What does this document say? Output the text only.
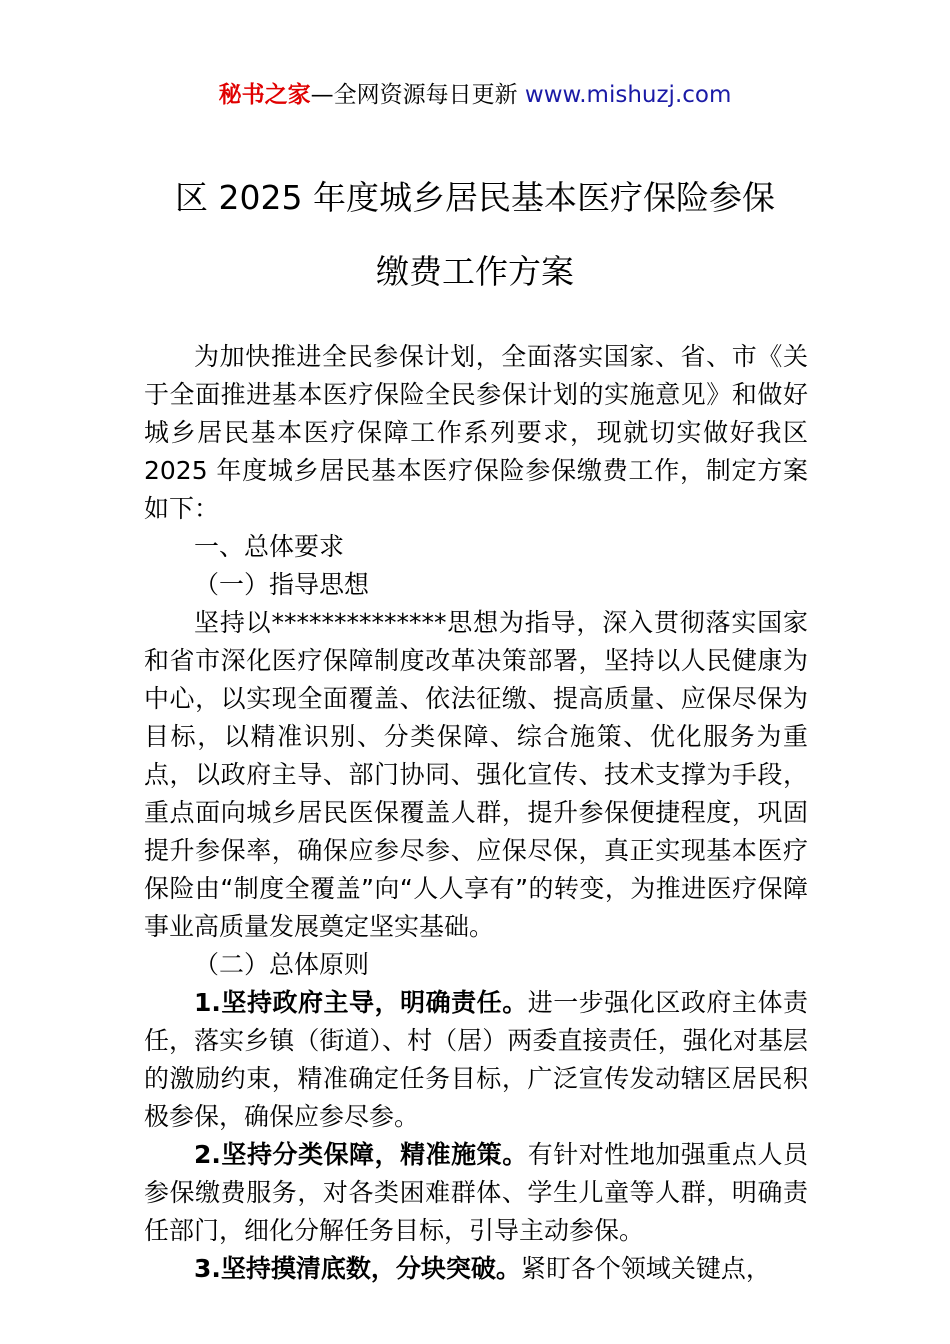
秘书之家—全网资源每日更新 www.mishuzj.com
区 2025 年度城乡居民基本医疗保险参保
缴费工作方案

为加快推进全民参保计划，全面落实国家、省、市《关于全面推进基本医疗保险全民参保计划的实施意见》和做好城乡居民基本医疗保障工作系列要求，现就切实做好我区 2025 年度城乡居民基本医疗保险参保缴费工作，制定方案如下：

一、总体要求

（一）指导思想

坚持以**************思想为指导，深入贯彻落实国家和省市深化医疗保障制度改革决策部署，坚持以人民健康为中心，以实现全面覆盖、依法征缴、提高质量、应保尽保为目标，以精准识别、分类保障、综合施策、优化服务为重点，以政府主导、部门协同、强化宣传、技术支撑为手段，重点面向城乡居民医保覆盖人群，提升参保便捷程度，巩固提升参保率，确保应参尽参、应保尽保，真正实现基本医疗保险由“制度全覆盖”向“人人享有”的转变，为推进医疗保障事业高质量发展奠定坚实基础。

（二）总体原则

1.坚持政府主导，明确责任。进一步强化区政府主体责任，落实乡镇（街道）、村（居）两委直接责任，强化对基层的激励约束，精准确定任务目标，广泛宣传发动辖区居民积极参保，确保应参尽参。

2.坚持分类保障，精准施策。有针对性地加强重点人员参保缴费服务，对各类困难群体、学生儿童等人群，明确责任部门，细化分解任务目标，引导主动参保。

3.坚持摸清底数，分块突破。紧盯各个领域关键点，
